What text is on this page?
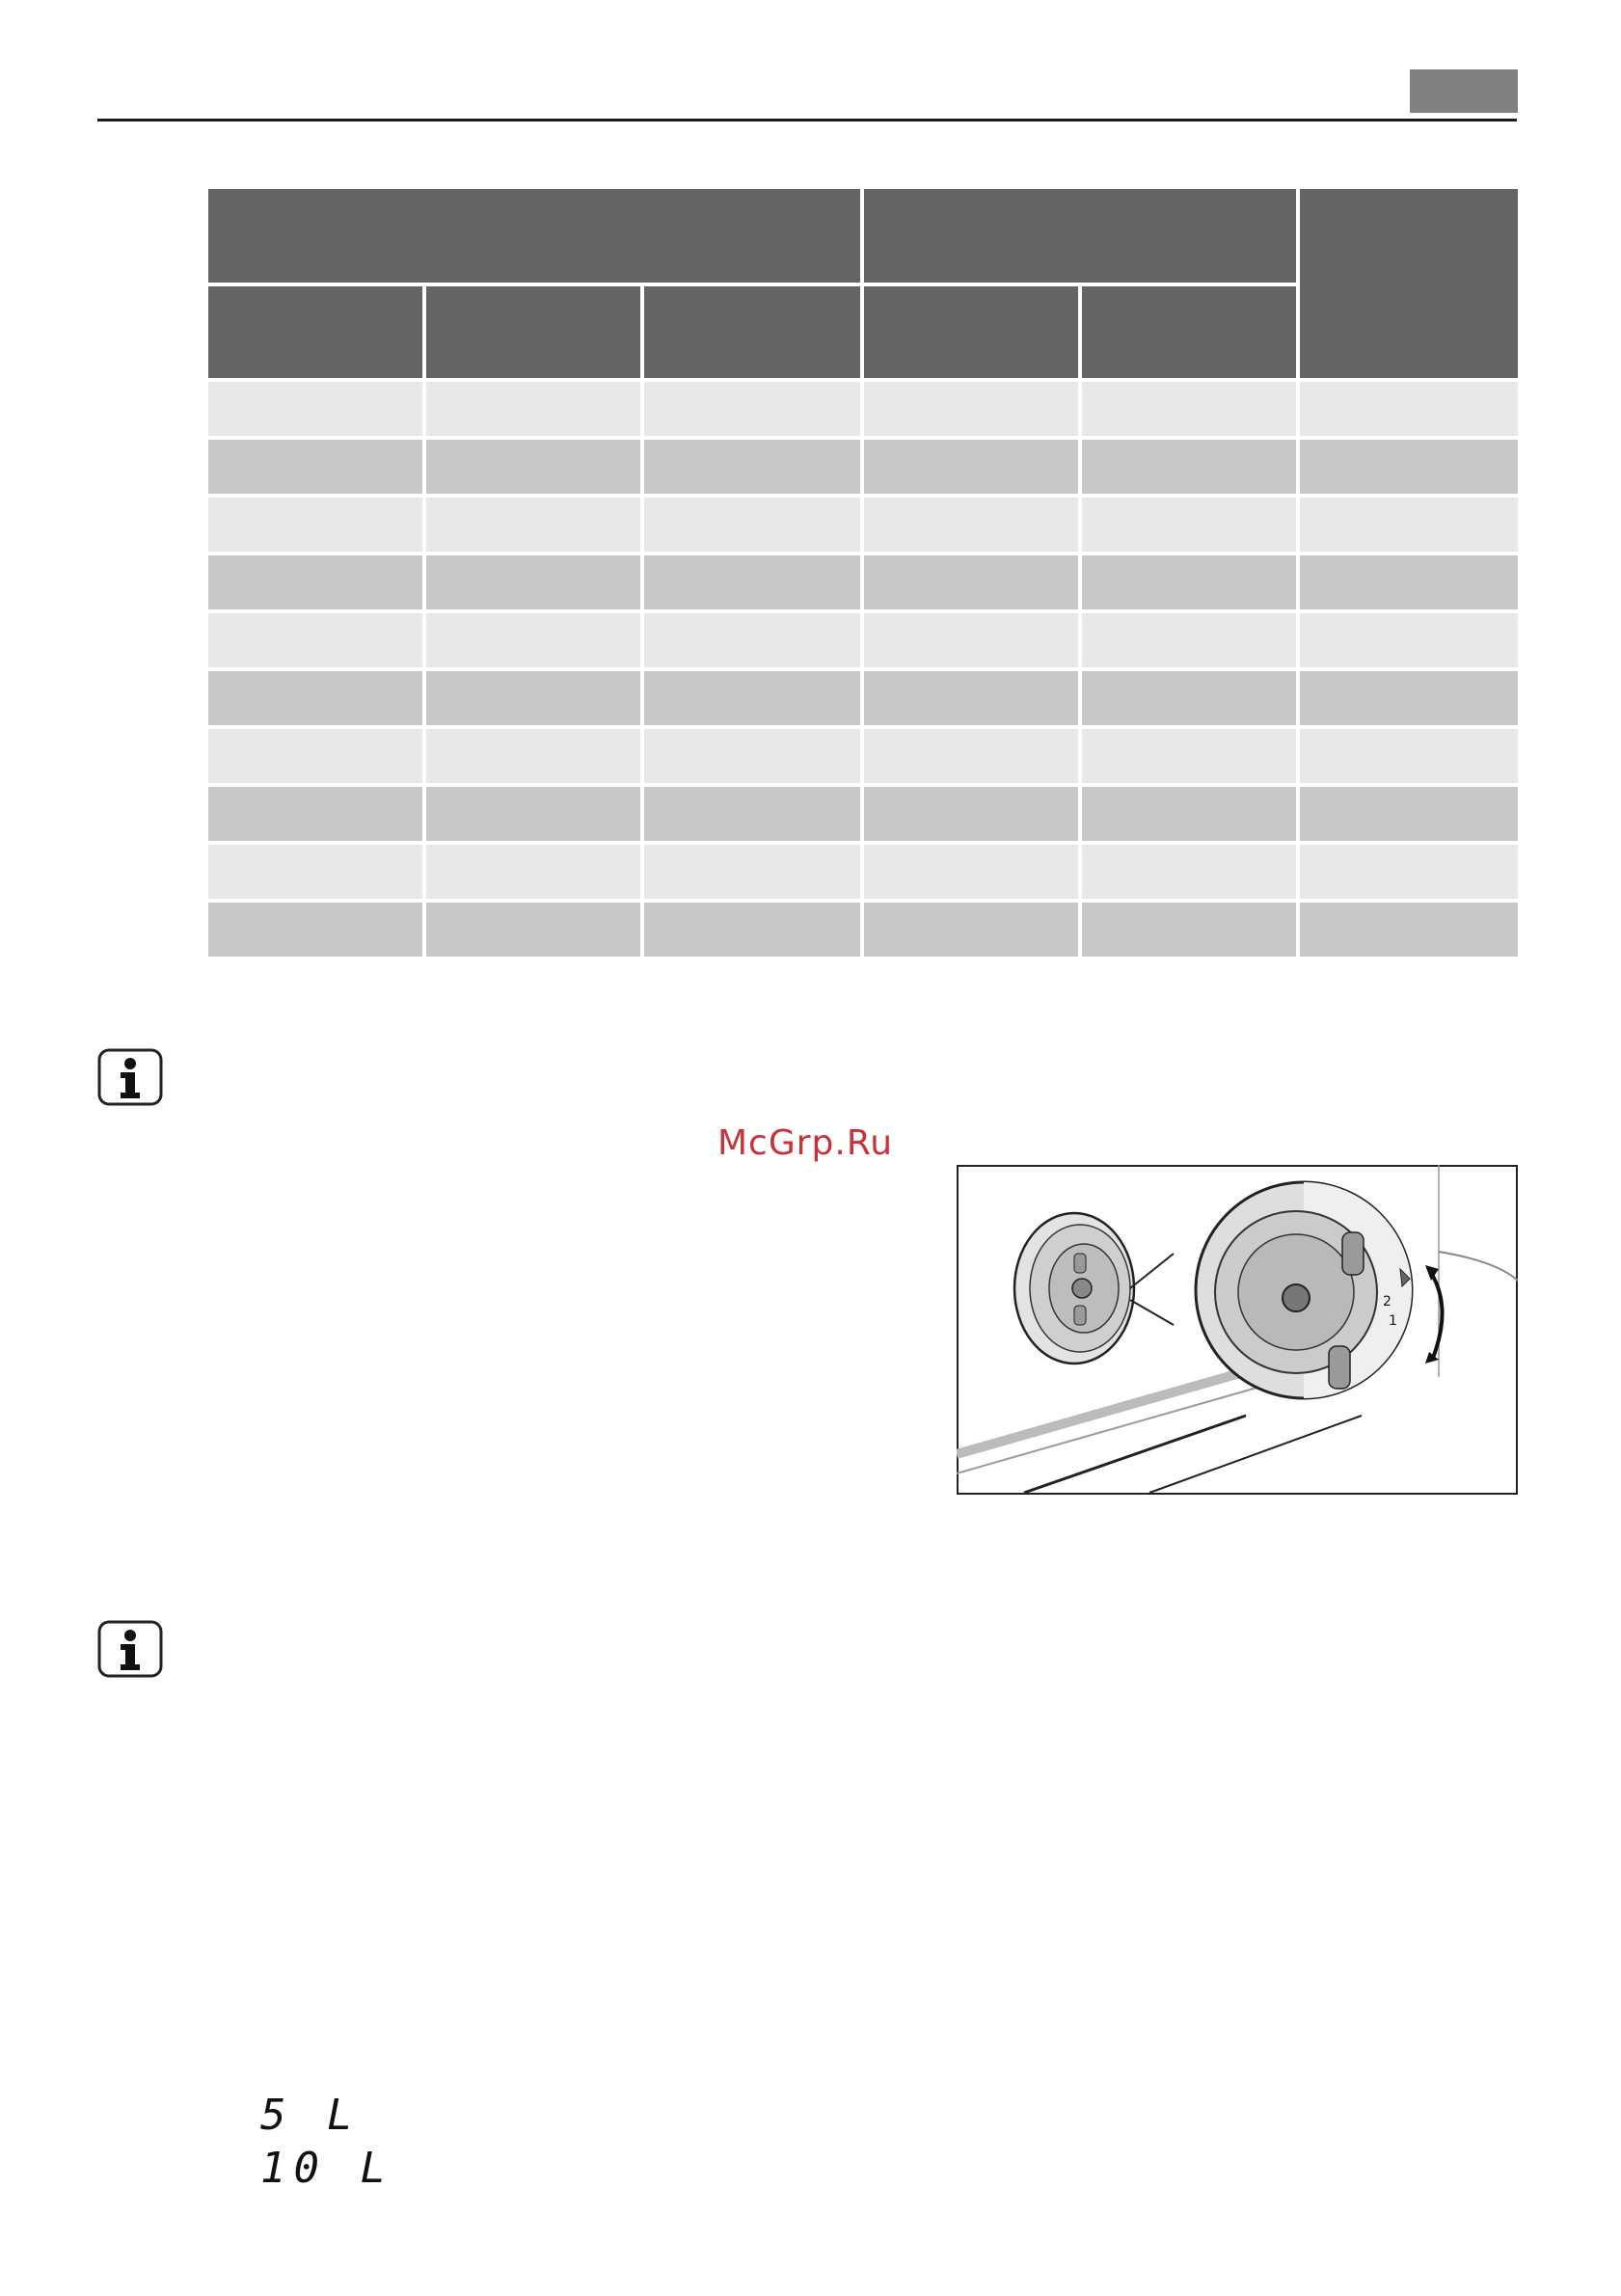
McGrp.Ru
2
1
5 L
10 L
